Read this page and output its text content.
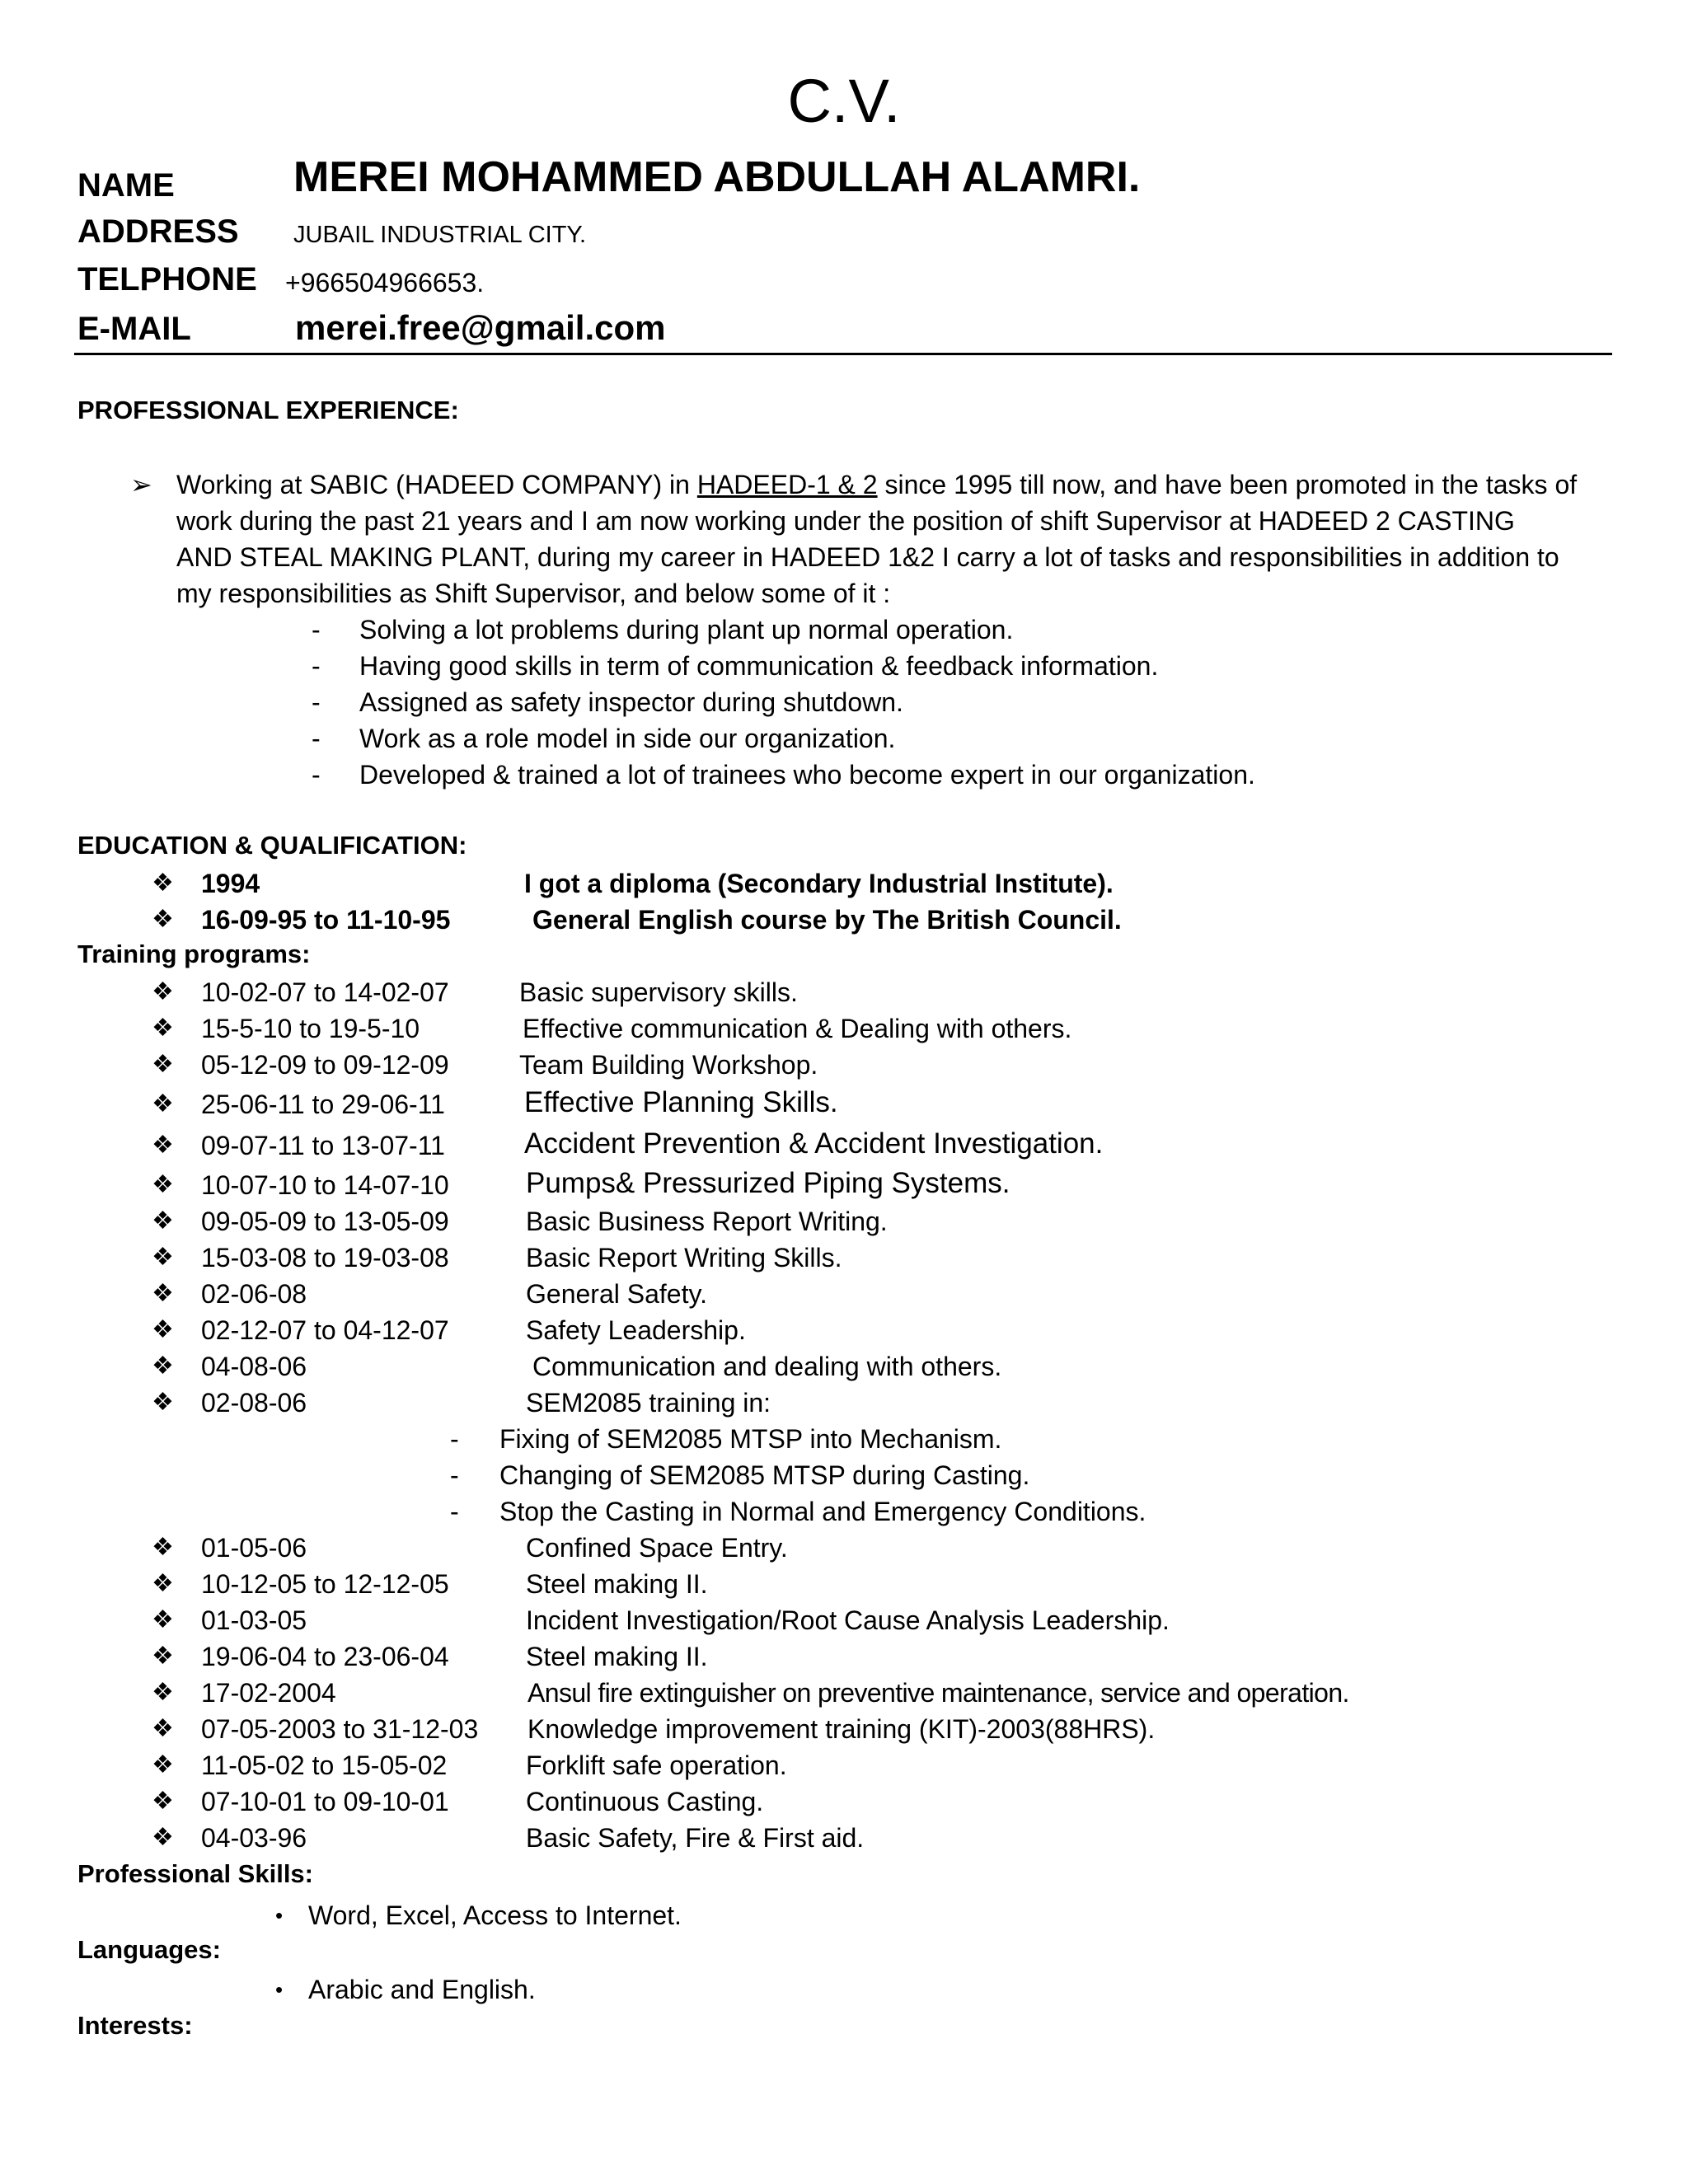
C.V.
NAME	MEREI MOHAMMED ABDULLAH ALAMRI.
ADDRESS JUBAIL INDUSTRIAL CITY.
TELPHONE +966504966653.
E-MAIL	merei.free@gmail.com
PROFESSIONAL EXPERIENCE:
➢ Working at SABIC (HADEED COMPANY) in HADEED-1 & 2 since 1995 till now, and have been promoted in the tasks of
work during the past 21 years and I am now working under the position of shift Supervisor at HADEED 2 CASTING
AND STEAL MAKING PLANT, during my career in HADEED 1&2 I carry a lot of tasks and responsibilities in addition to
my responsibilities as Shift Supervisor, and below some of it :
- Solving a lot problems during plant up normal operation.
- Having good skills in term of communication & feedback information.
- Assigned as safety inspector during shutdown.
- Work as a role model in side our organization.
- Developed & trained a lot of trainees who become expert in our organization.
EDUCATION & QUALIFICATION:
❖ 1994	I got a diploma (Secondary Industrial Institute).
❖ 16-09-95 to 11-10-95	General English course by The British Council.
Training programs:
❖ 10-02-07 to 14-02-07	Basic supervisory skills.
❖ 15-5-10 to 19-5-10	Effective communication & Dealing with others.
❖ 05-12-09 to 09-12-09	Team Building Workshop.
❖ 25-06-11 to 29-06-11	Effective Planning Skills.
❖ 09-07-11 to 13-07-11	Accident Prevention & Accident Investigation.
❖ 10-07-10 to 14-07-10	Pumps& Pressurized Piping Systems.
❖ 09-05-09 to 13-05-09	Basic Business Report Writing.
❖ 15-03-08 to 19-03-08	Basic Report Writing Skills.
❖ 02-06-08	General Safety.
❖ 02-12-07 to 04-12-07	Safety Leadership.
❖ 04-08-06	Communication and dealing with others.
❖ 02-08-06	SEM2085 training in:
- Fixing of SEM2085 MTSP into Mechanism.
- Changing of SEM2085 MTSP during Casting.
- Stop the Casting in Normal and Emergency Conditions.
❖ 01-05-06	Confined Space Entry.
❖ 10-12-05 to 12-12-05	Steel making II.
❖ 01-03-05	Incident Investigation/Root Cause Analysis Leadership.
❖ 19-06-04 to 23-06-04	Steel making II.
❖ 17-02-2004	Ansul fire extinguisher on preventive maintenance, service and operation.
❖ 07-05-2003 to 31-12-03 Knowledge improvement training (KIT)-2003(88HRS).
❖ 11-05-02 to 15-05-02	Forklift safe operation.
❖ 07-10-01 to 09-10-01	Continuous Casting.
❖ 04-03-96	Basic Safety, Fire & First aid.
Professional Skills:
• Word, Excel, Access to Internet.
Languages:
• Arabic and English.
Interests:
